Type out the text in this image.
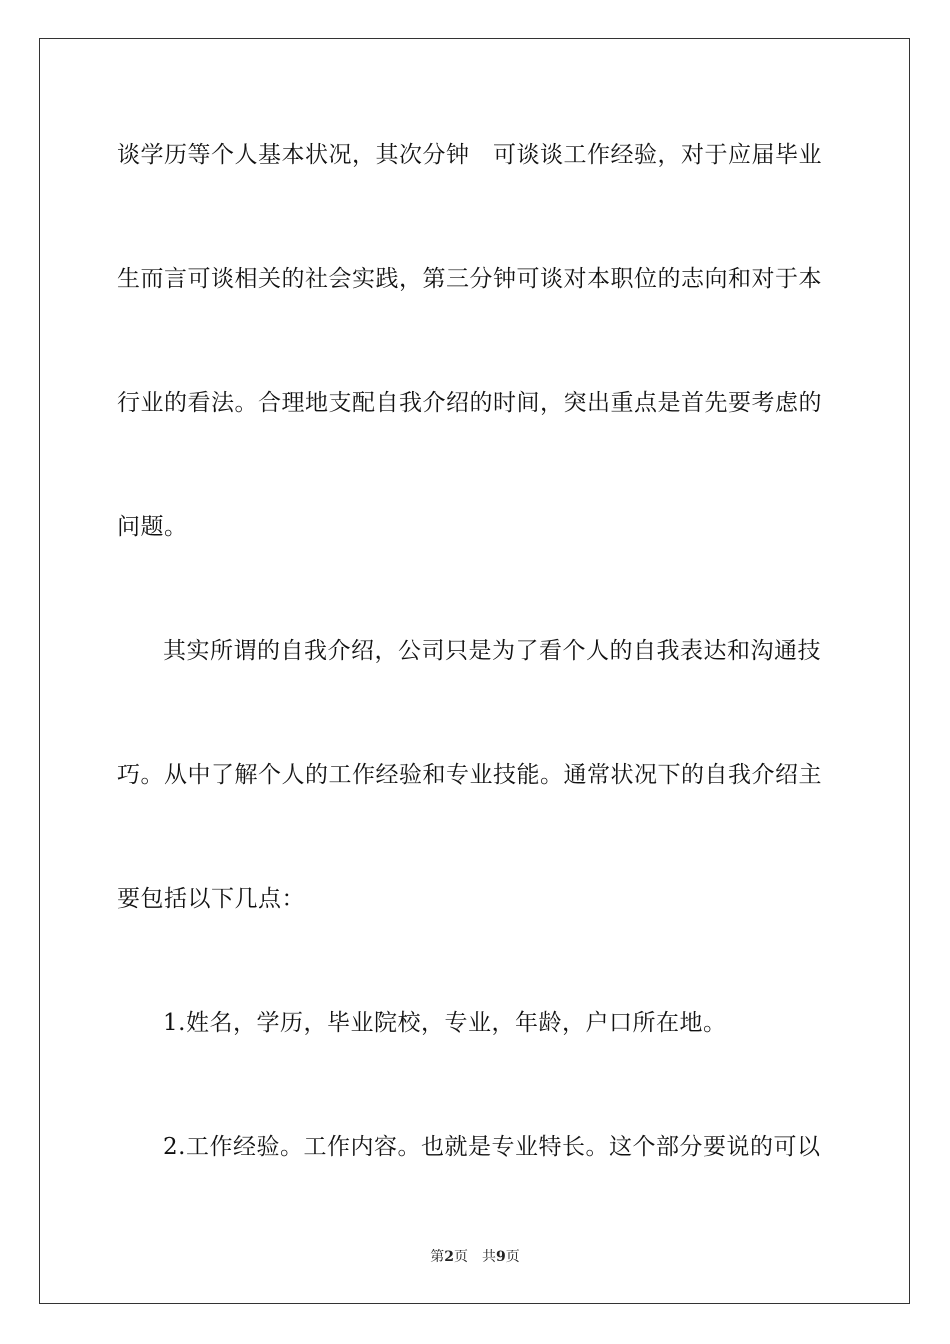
谈学历等个人基本状况，其次分钟　可谈谈工作经验，对于应届毕业
生而言可谈相关的社会实践，第三分钟可谈对本职位的志向和对于本
行业的看法。合理地支配自我介绍的时间，突出重点是首先要考虑的
问题。
其实所谓的自我介绍，公司只是为了看个人的自我表达和沟通技
巧。从中了解个人的工作经验和专业技能。通常状况下的自我介绍主
要包括以下几点：
1.姓名，学历，毕业院校，专业，年龄，户口所在地。
2.工作经验。工作内容。也就是专业特长。这个部分要说的可以
第2页　共9页
